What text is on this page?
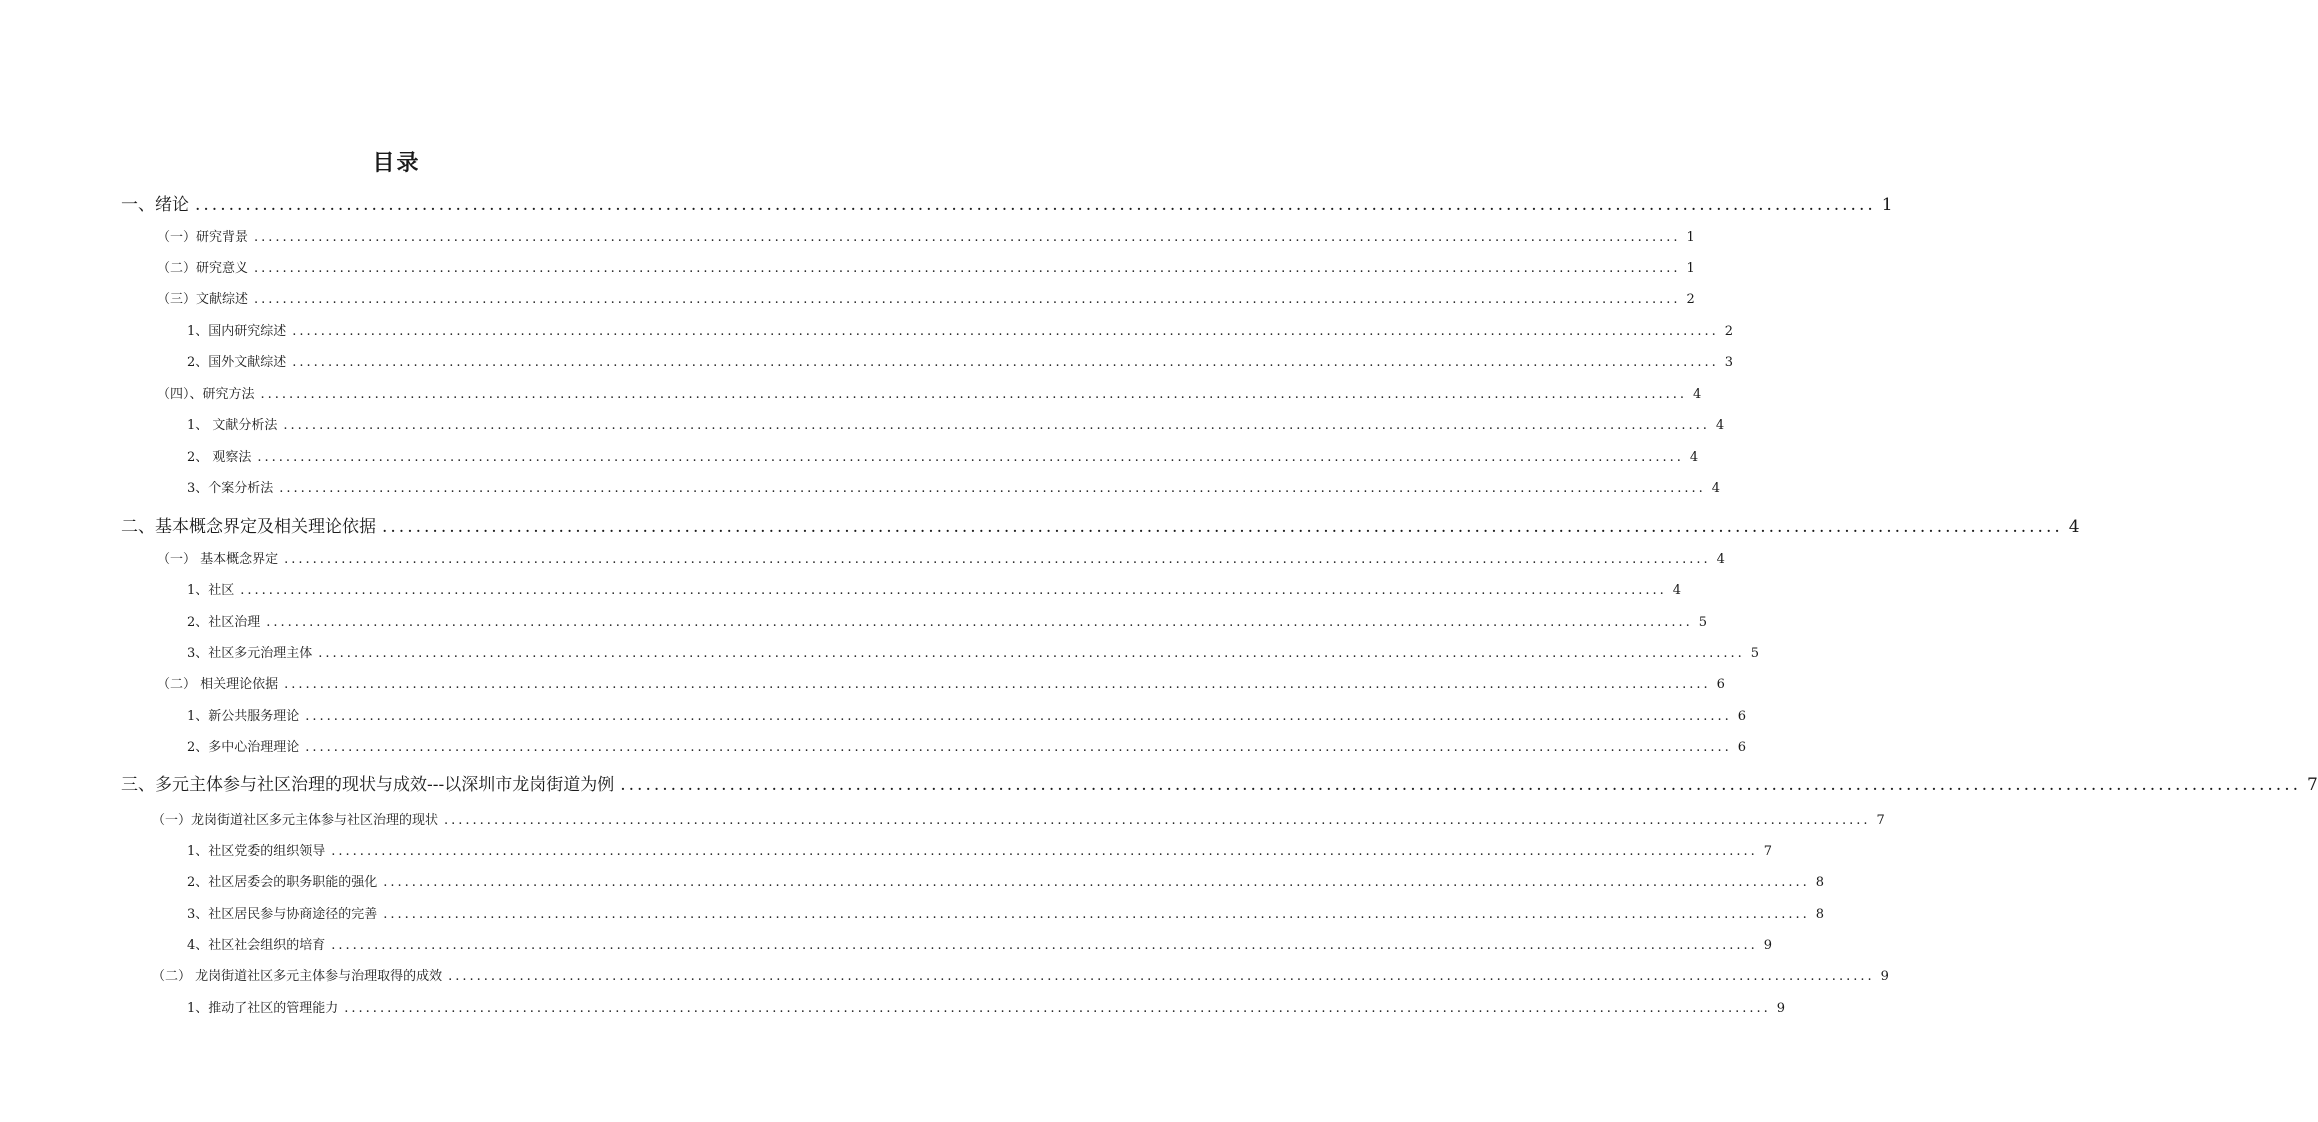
目录
一、绪论 ........................................................................................................................................................................................................ 1
（一）研究背景 ........................................................................................................................................................................................................ 1
（二）研究意义 ........................................................................................................................................................................................................ 1
（三）文献综述 ........................................................................................................................................................................................................ 2
1、国内研究综述 ........................................................................................................................................................................................................ 2
2、国外文献综述 ........................................................................................................................................................................................................ 3
（四）、研究方法 ........................................................................................................................................................................................................ 4
1、 文献分析法 ........................................................................................................................................................................................................ 4
2、 观察法 ........................................................................................................................................................................................................ 4
3、个案分析法 ........................................................................................................................................................................................................ 4
二、基本概念界定及相关理论依据 ........................................................................................................................................................................................................ 4
（一） 基本概念界定 ........................................................................................................................................................................................................ 4
1、社区 ........................................................................................................................................................................................................ 4
2、社区治理 ........................................................................................................................................................................................................ 5
3、社区多元治理主体 ........................................................................................................................................................................................................ 5
（二） 相关理论依据 ........................................................................................................................................................................................................ 6
1、新公共服务理论 ........................................................................................................................................................................................................ 6
2、多中心治理理论 ........................................................................................................................................................................................................ 6
三、多元主体参与社区治理的现状与成效---以深圳市龙岗街道为例 ........................................................................................................................................................................................................ 7
（一）龙岗街道社区多元主体参与社区治理的现状 ........................................................................................................................................................................................................ 7
1、社区党委的组织领导 ........................................................................................................................................................................................................ 7
2、社区居委会的职务职能的强化 ........................................................................................................................................................................................................ 8
3、社区居民参与协商途径的完善 ........................................................................................................................................................................................................ 8
4、社区社会组织的培育 ........................................................................................................................................................................................................ 9
（二） 龙岗街道社区多元主体参与治理取得的成效 ........................................................................................................................................................................................................ 9
1、推动了社区的管理能力 ........................................................................................................................................................................................................ 9
